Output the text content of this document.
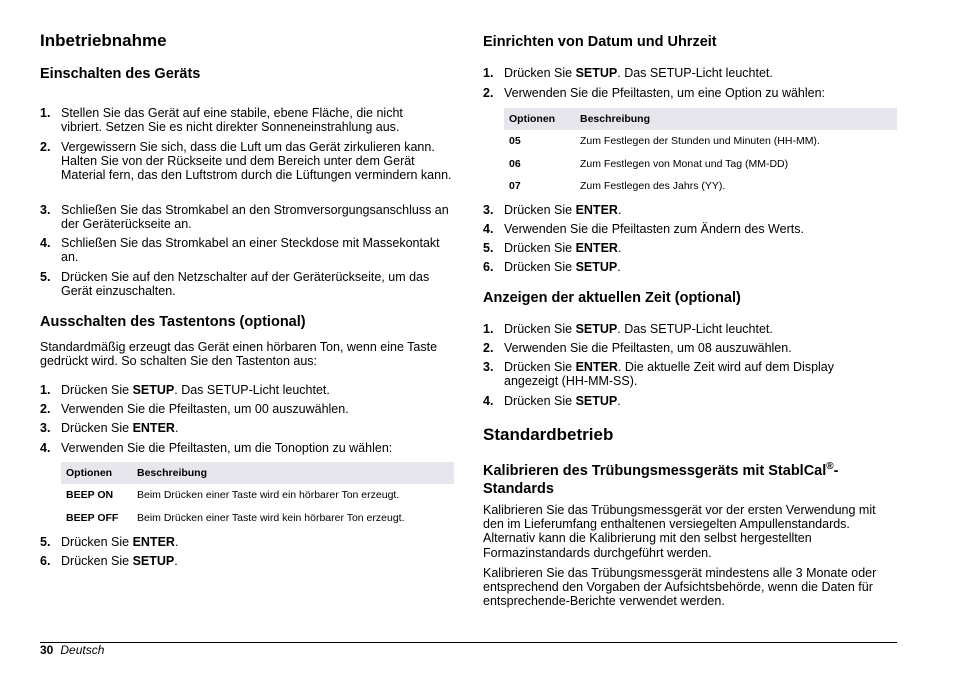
Inbetriebnahme
Einschalten des Geräts
1. Stellen Sie das Gerät auf eine stabile, ebene Fläche, die nicht vibriert. Setzen Sie es nicht direkter Sonneneinstrahlung aus.
2. Vergewissern Sie sich, dass die Luft um das Gerät zirkulieren kann. Halten Sie von der Rückseite und dem Bereich unter dem Gerät Material fern, das den Luftstrom durch die Lüftungen vermindern kann.
3. Schließen Sie das Stromkabel an den Stromversorgungsanschluss an der Geräterückseite an.
4. Schließen Sie das Stromkabel an einer Steckdose mit Massekontakt an.
5. Drücken Sie auf den Netzschalter auf der Geräterückseite, um das Gerät einzuschalten.
Ausschalten des Tastentons (optional)
Standardmäßig erzeugt das Gerät einen hörbaren Ton, wenn eine Taste gedrückt wird. So schalten Sie den Tastenton aus:
1. Drücken Sie SETUP. Das SETUP-Licht leuchtet.
2. Verwenden Sie die Pfeiltasten, um 00 auszuwählen.
3. Drücken Sie ENTER.
4. Verwenden Sie die Pfeiltasten, um die Tonoption zu wählen:
Optionen	Beschreibung
BEEP ON	Beim Drücken einer Taste wird ein hörbarer Ton erzeugt.
BEEP OFF	Beim Drücken einer Taste wird kein hörbarer Ton erzeugt.
5. Drücken Sie ENTER.
6. Drücken Sie SETUP.
Einrichten von Datum und Uhrzeit
1. Drücken Sie SETUP. Das SETUP-Licht leuchtet.
2. Verwenden Sie die Pfeiltasten, um eine Option zu wählen:
Optionen	Beschreibung
05	Zum Festlegen der Stunden und Minuten (HH-MM).
06	Zum Festlegen von Monat und Tag (MM-DD)
07	Zum Festlegen des Jahrs (YY).
3. Drücken Sie ENTER.
4. Verwenden Sie die Pfeiltasten zum Ändern des Werts.
5. Drücken Sie ENTER.
6. Drücken Sie SETUP.
Anzeigen der aktuellen Zeit (optional)
1. Drücken Sie SETUP. Das SETUP-Licht leuchtet.
2. Verwenden Sie die Pfeiltasten, um 08 auszuwählen.
3. Drücken Sie ENTER. Die aktuelle Zeit wird auf dem Display angezeigt (HH-MM-SS).
4. Drücken Sie SETUP.
Standardbetrieb
Kalibrieren des Trübungsmessgeräts mit StablCal®-Standards
Kalibrieren Sie das Trübungsmessgerät vor der ersten Verwendung mit den im Lieferumfang enthaltenen versiegelten Ampullenstandards. Alternativ kann die Kalibrierung mit den selbst hergestellten Formazinstandards durchgeführt werden.
Kalibrieren Sie das Trübungsmessgerät mindestens alle 3 Monate oder entsprechend den Vorgaben der Aufsichtsbehörde, wenn die Daten für entsprechende-Berichte verwendet werden.
30 Deutsch
